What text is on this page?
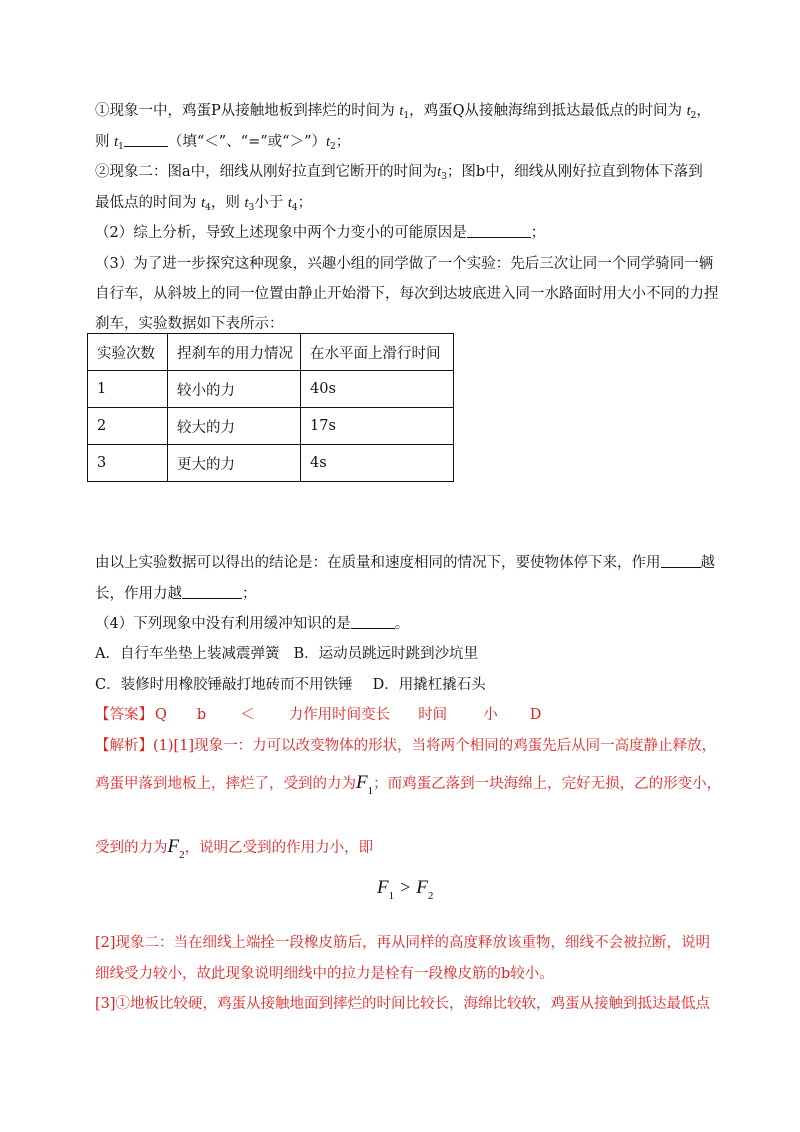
①现象一中，鸡蛋P从接触地板到摔烂的时间为 $t_1$，鸡蛋Q从接触海绵到抵达最低点的时间为 $t_2$，
则 $t_1$	（填“＜”、“=”或“$>”)t_2$；
②现象二：图a中，细线从刚好拉直到它断开的时间为$t_3$；图b中，细线从刚好拉直到物体下落到
最低点的时间为 $t_4$，则 $t_3$小于 $t_4$；
（2）综上分析，导致上述现象中两个力变小的可能原因是	；
（3）为了进一步探究这种现象，兴趣小组的同学做了一个实验：先后三次让同一个同学骑同一辆
自行车，从斜坡上的同一位置由静止开始滑下，每次到达坡底进入同一水路面时用大小不同的力捏
刹车，实验数据如下表所示：
实验次数	捏刹车的用力情况	在水平面上滑行时间
1	较小的力	40s
2	较大的力	17s
3	更大的力	4s
由以上实验数据可以得出的结论是：在质量和速度相同的情况下，要使物体停下来，作用	越
长，作用力越	；
（4）下列现象中没有利用缓冲知识的是	。
A．自行车坐垫上装减震弹簧 B．运动员跳远时跳到沙坑里
C．装修时用橡胶锤敲打地砖而不用铁锤 D．用撬杠撬石头
【答案】 Q b ＜ 力作用时间变长 时间 小 D
【解析】(1)[1]现象一：力可以改变物体的形状，当将两个相同的鸡蛋先后从同一高度静止释放，
鸡蛋甲落到地板上，摔烂了，受到的力为$F_1$；而鸡蛋乙落到一块海绵上，完好无损，乙的形变小，
受到的力为$F_2$，说明乙受到的作用力小，即
$F_1 > F_2$
[2]现象二：当在细线上端拴一段橡皮筋后，再从同样的高度释放该重物，细线不会被拉断，说明
细线受力较小，故此现象说明细线中的拉力是栓有一段橡皮筋的b较小。
[3]①地板比较硬，鸡蛋从接触地面到摔烂的时间比较长，海绵比较软，鸡蛋从接触到抵达最低点
